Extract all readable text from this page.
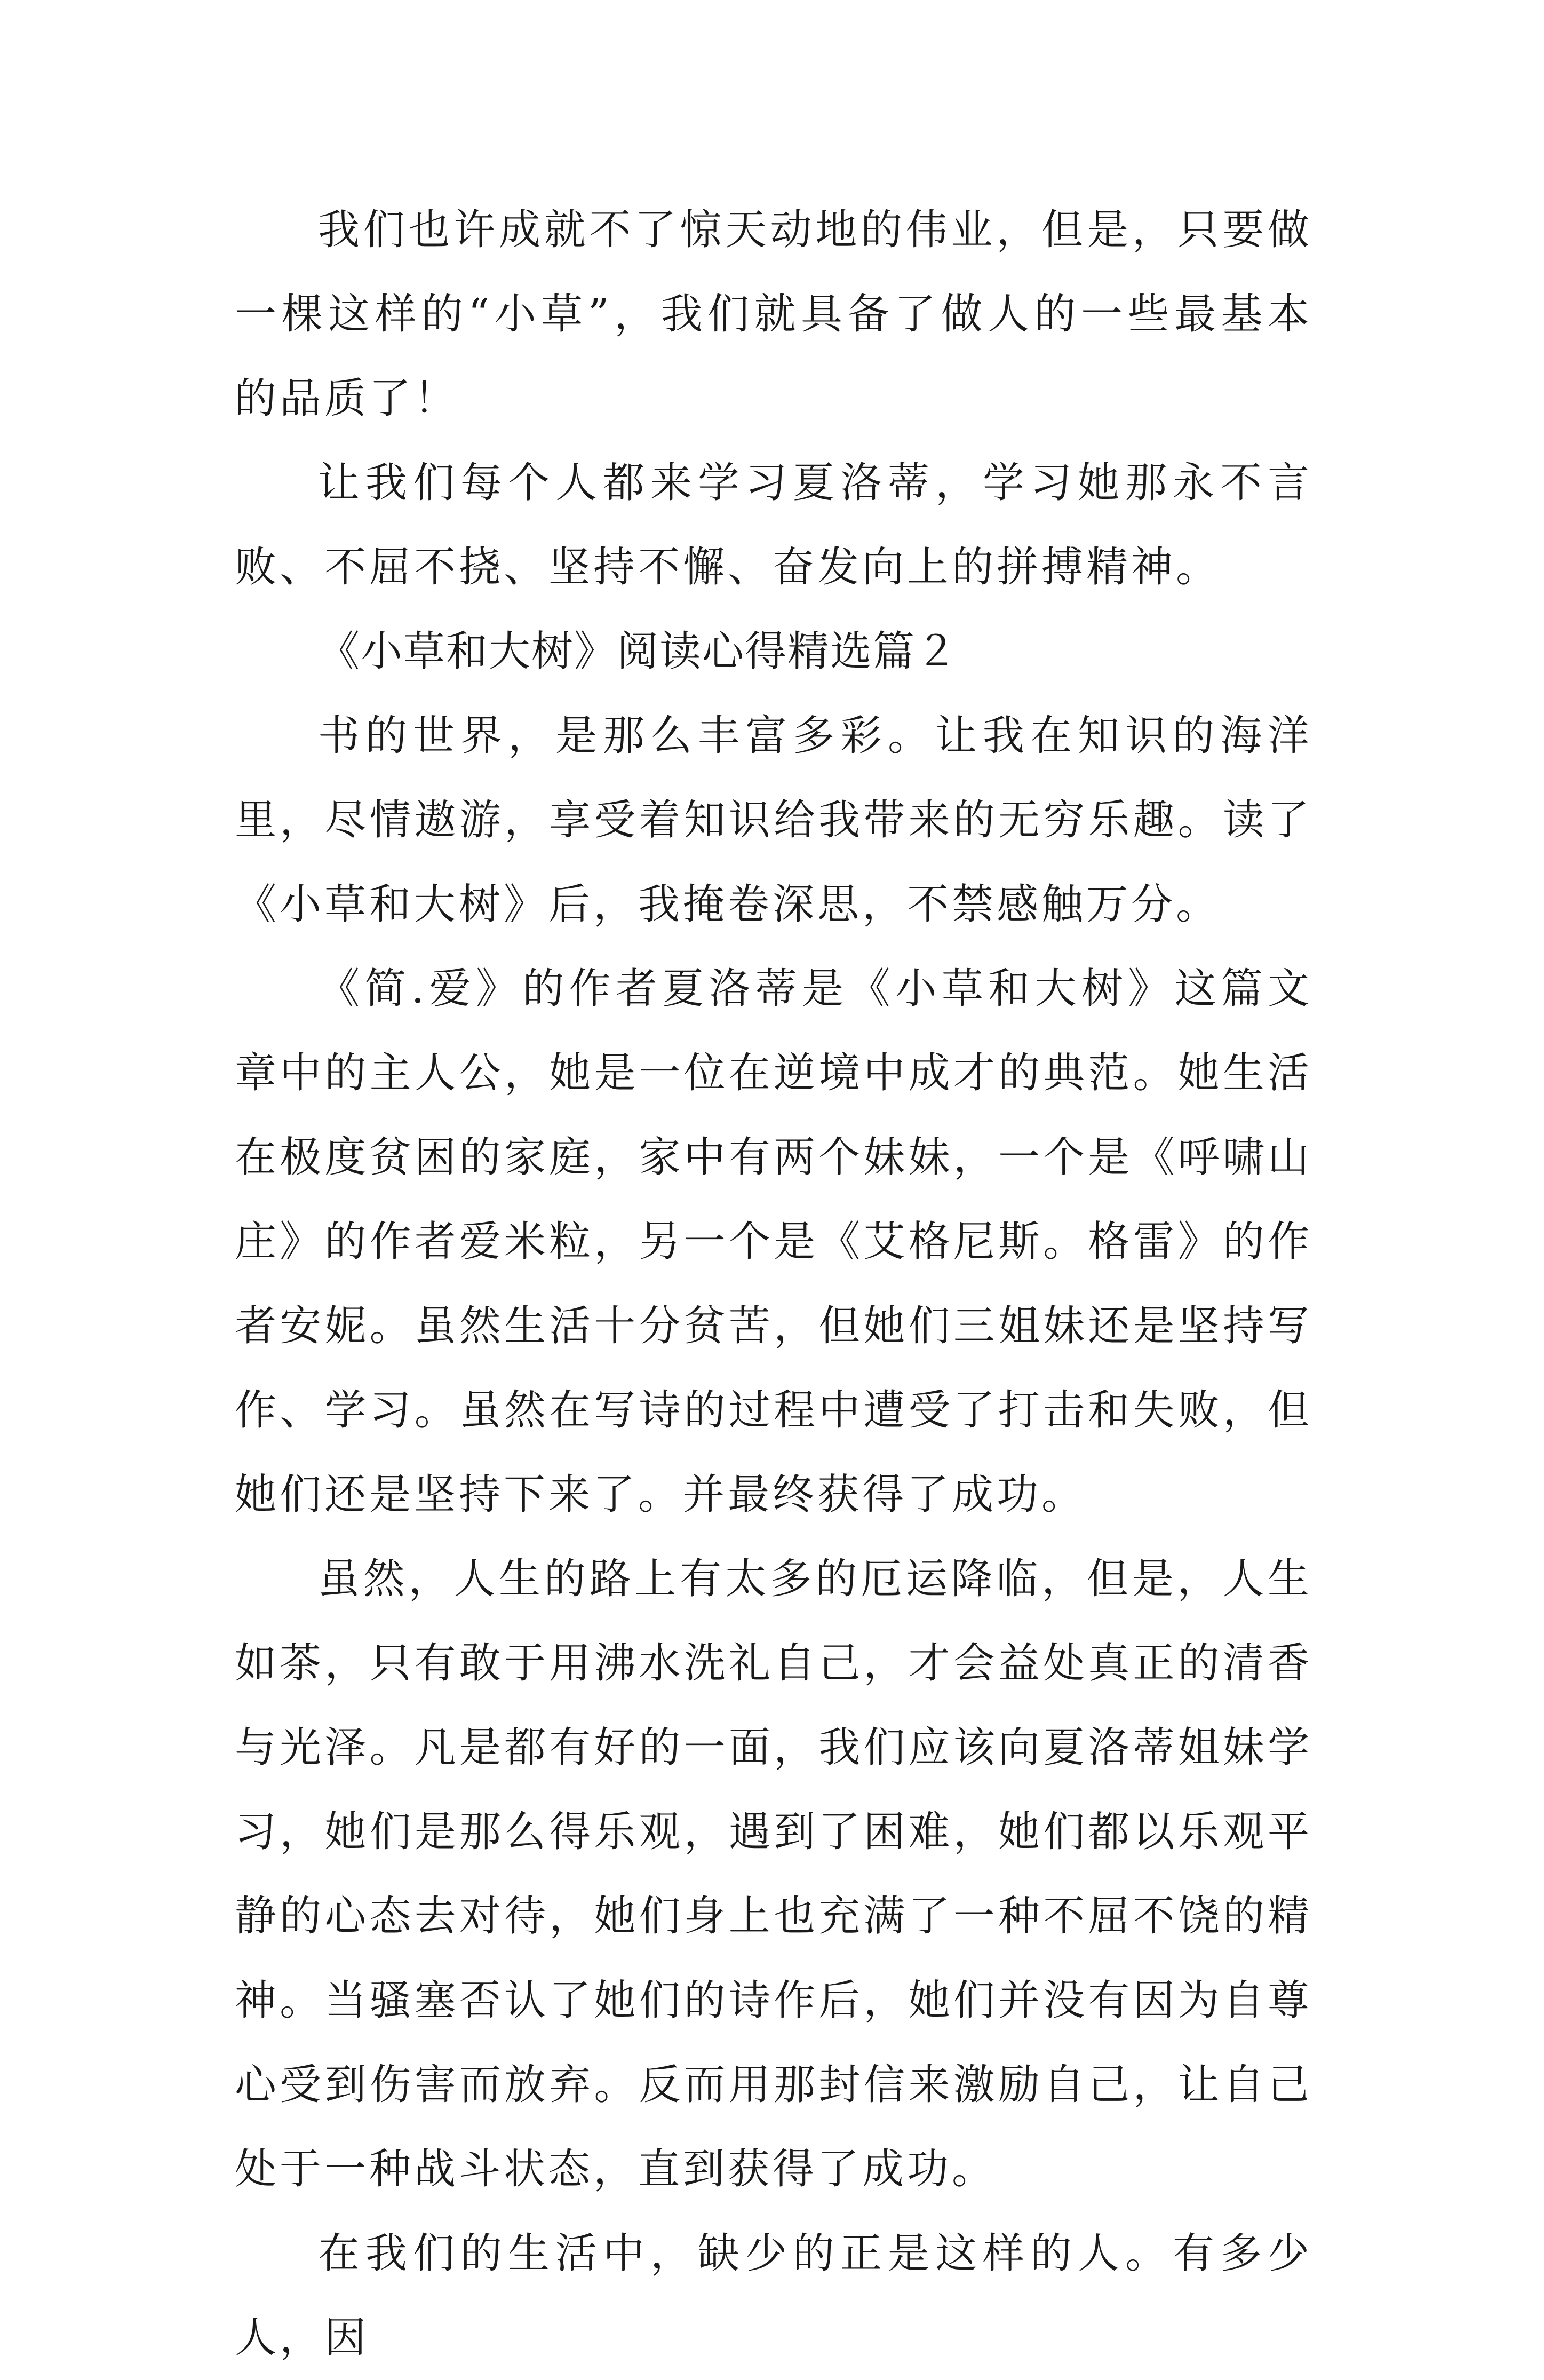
我们也许成就不了惊天动地的伟业，但是，只要做一棵这样的“小草”，我们就具备了做人的一些最基本的品质了！

让我们每个人都来学习夏洛蒂，学习她那永不言败、不屈不挠、坚持不懈、奋发向上的拼搏精神。

《小草和大树》阅读心得精选篇２

书的世界，是那么丰富多彩。让我在知识的海洋里，尽情遨游，享受着知识给我带来的无穷乐趣。读了《小草和大树》后，我掩卷深思，不禁感触万分。

《简.爱》的作者夏洛蒂是《小草和大树》这篇文章中的主人公，她是一位在逆境中成才的典范。她生活在极度贫困的家庭，家中有两个妹妹，一个是《呼啸山庄》的作者爱米粒，另一个是《艾格尼斯。格雷》的作者安妮。虽然生活十分贫苦，但她们三姐妹还是坚持写作、学习。虽然在写诗的过程中遭受了打击和失败，但她们还是坚持下来了。并最终获得了成功。

虽然，人生的路上有太多的厄运降临，但是，人生如茶，只有敢于用沸水洗礼自己，才会益处真正的清香与光泽。凡是都有好的一面，我们应该向夏洛蒂姐妹学习，她们是那么得乐观，遇到了困难，她们都以乐观平静的心态去对待，她们身上也充满了一种不屈不饶的精神。当骚塞否认了她们的诗作后，她们并没有因为自尊心受到伤害而放弃。反而用那封信来激励自己，让自己处于一种战斗状态，直到获得了成功。

在我们的生活中，缺少的正是这样的人。有多少人，因
